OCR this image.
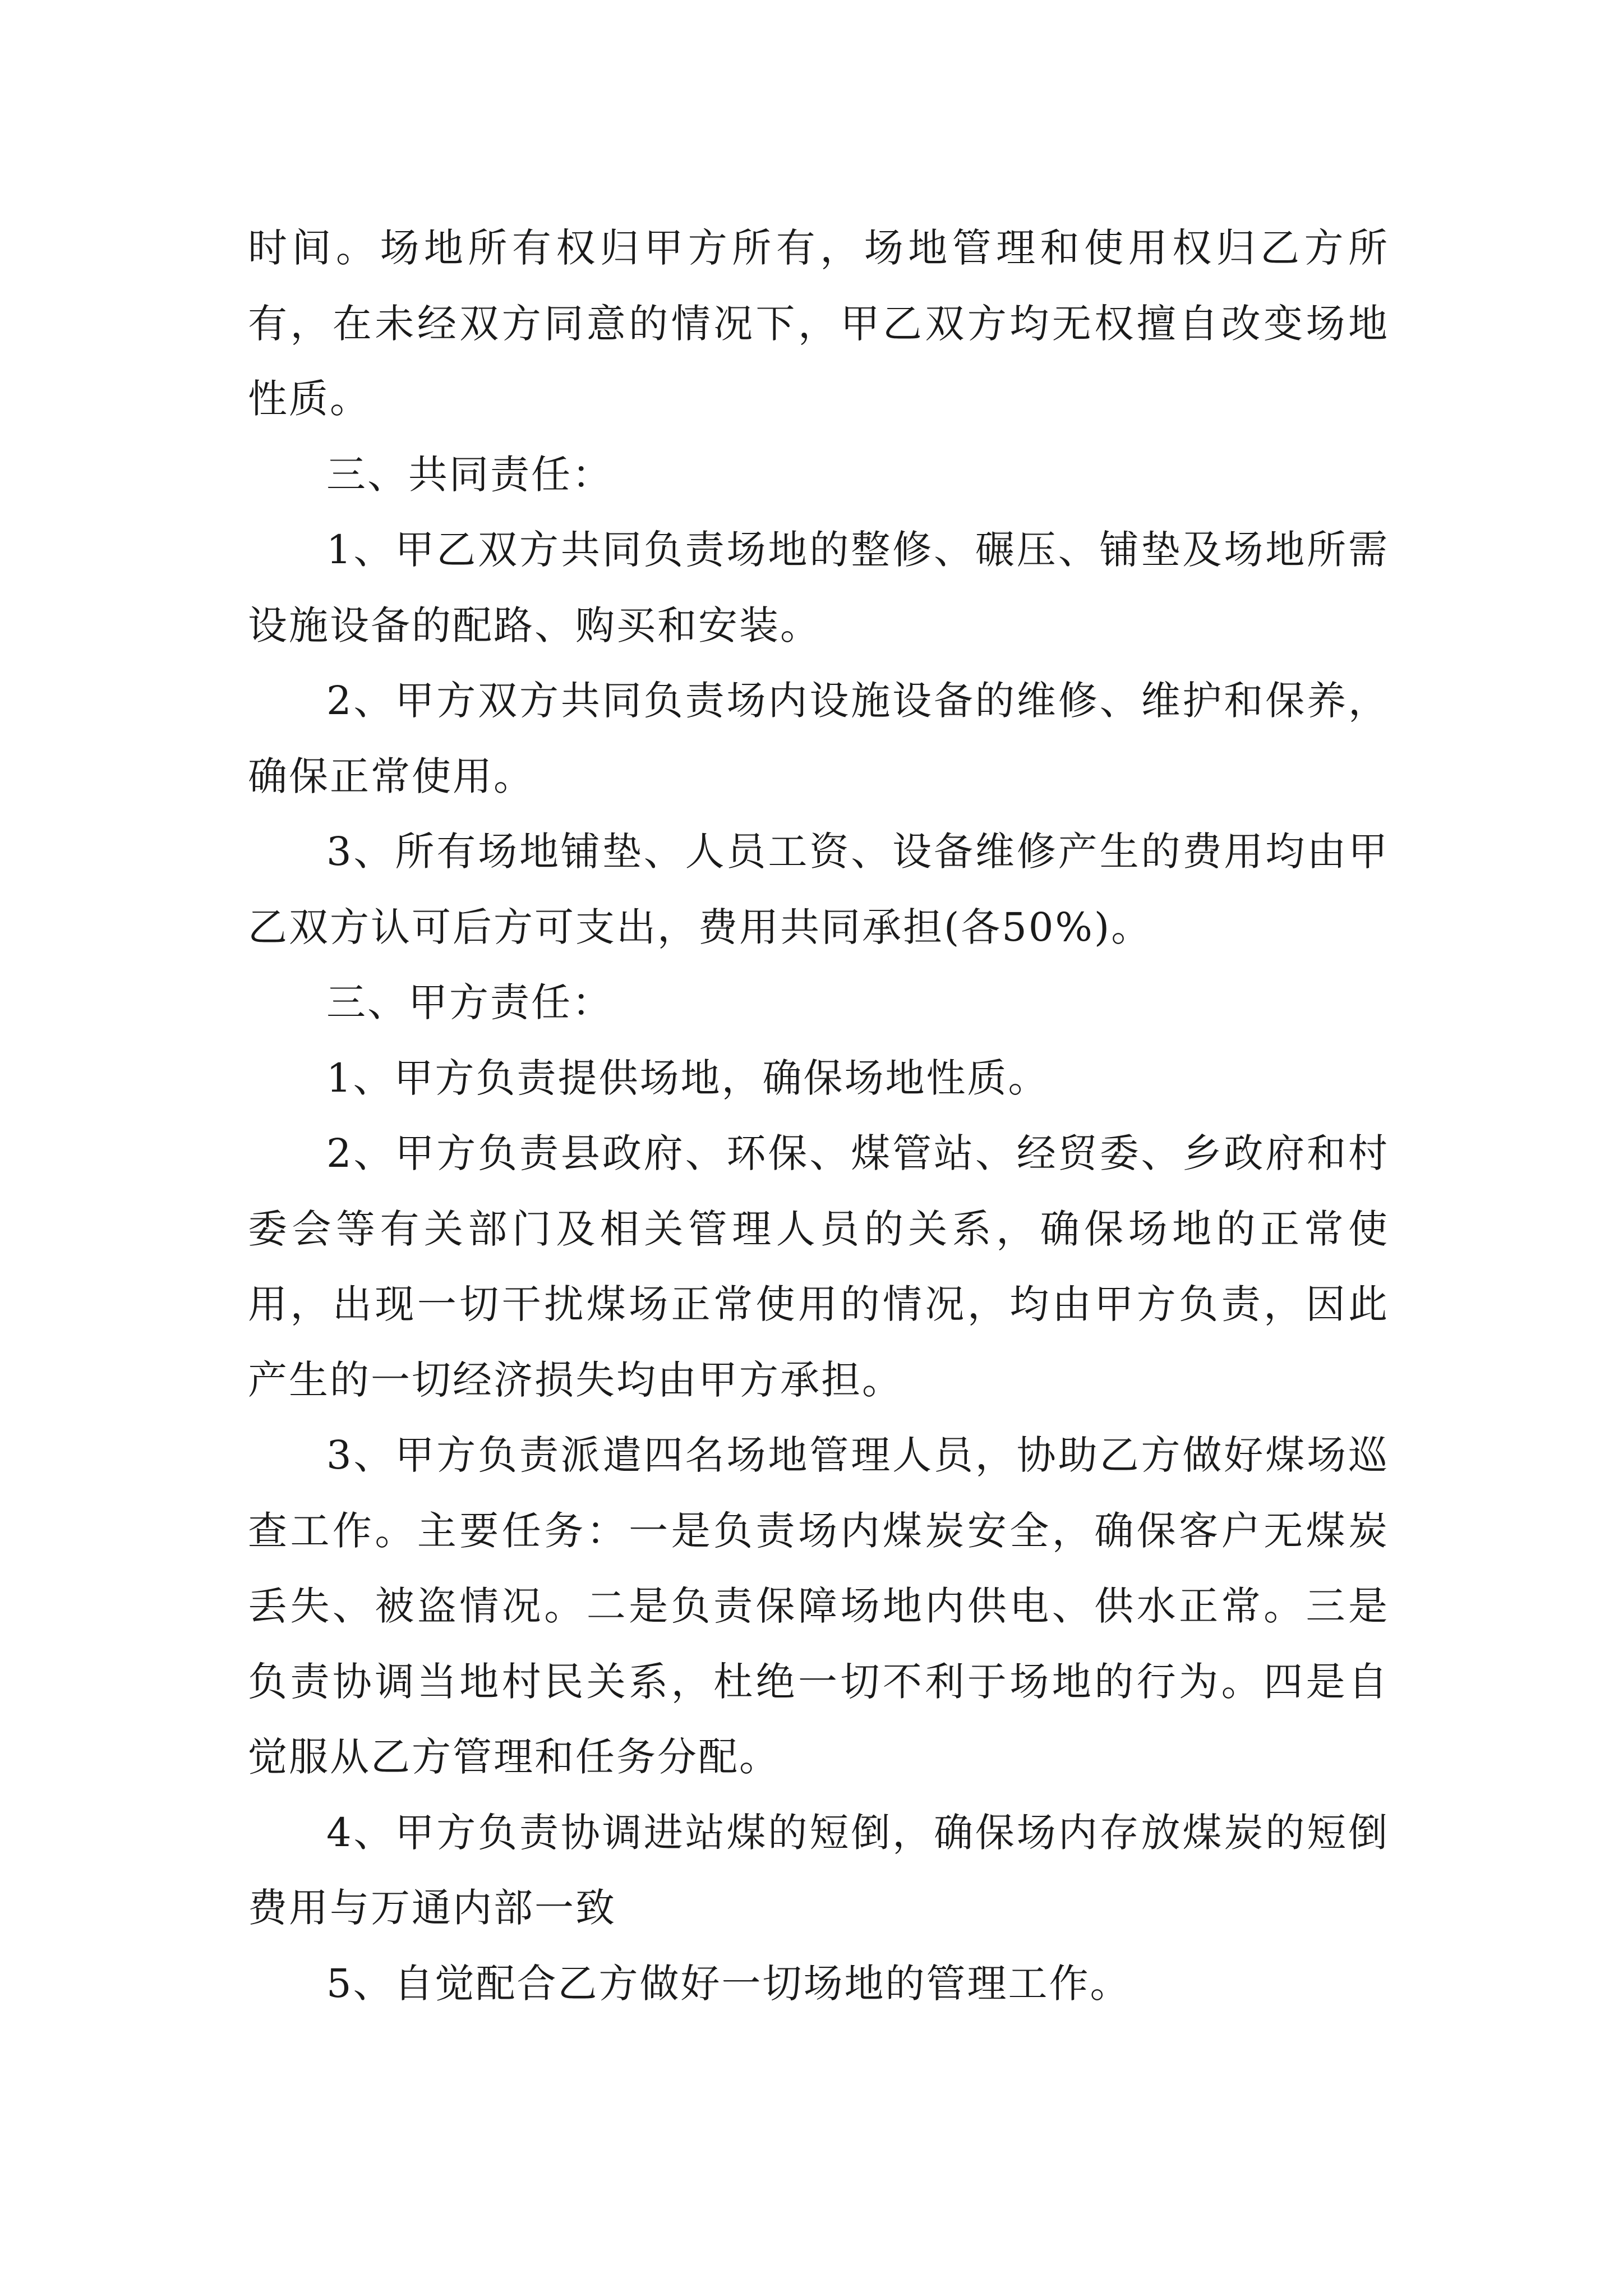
时间。场地所有权归甲方所有，场地管理和使用权归乙方所有，在未经双方同意的情况下，甲乙双方均无权擅自改变场地性质。

三、共同责任：

1、甲乙双方共同负责场地的整修、碾压、铺垫及场地所需设施设备的配路、购买和安装。

2、甲方双方共同负责场内设施设备的维修、维护和保养，确保正常使用。

3、所有场地铺垫、人员工资、设备维修产生的费用均由甲乙双方认可后方可支出，费用共同承担(各50%)。

三、甲方责任：

1、甲方负责提供场地，确保场地性质。

2、甲方负责县政府、环保、煤管站、经贸委、乡政府和村委会等有关部门及相关管理人员的关系，确保场地的正常使用，出现一切干扰煤场正常使用的情况，均由甲方负责，因此产生的一切经济损失均由甲方承担。

3、甲方负责派遣四名场地管理人员，协助乙方做好煤场巡查工作。主要任务：一是负责场内煤炭安全，确保客户无煤炭丢失、被盗情况。二是负责保障场地内供电、供水正常。三是负责协调当地村民关系，杜绝一切不利于场地的行为。四是自觉服从乙方管理和任务分配。

4、甲方负责协调进站煤的短倒，确保场内存放煤炭的短倒费用与万通内部一致

5、自觉配合乙方做好一切场地的管理工作。
